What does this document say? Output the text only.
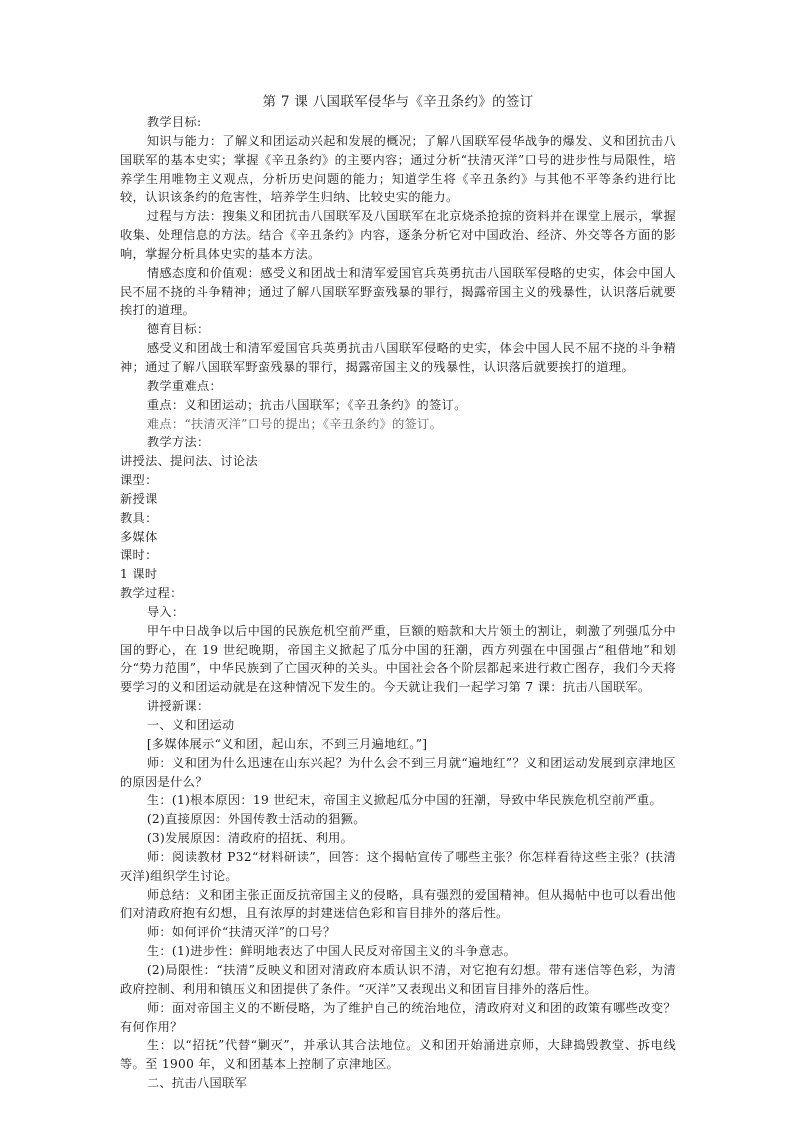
第 7 课 八国联军侵华与《辛丑条约》的签订

教学目标:

知识与能力：了解义和团运动兴起和发展的概况；了解八国联军侵华战争的爆发、义和团抗击八国联军的基本史实；掌握《辛丑条约》的主要内容；通过分析“扶清灭洋”口号的进步性与局限性，培养学生用唯物主义观点，分析历史问题的能力；知道学生将《辛丑条约》与其他不平等条约进行比较，认识该条约的危害性，培养学生归纳、比较史实的能力。

过程与方法：搜集义和团抗击八国联军及八国联军在北京烧杀抢掠的资料并在课堂上展示，掌握收集、处理信息的方法。结合《辛丑条约》内容，逐条分析它对中国政治、经济、外交等各方面的影响，掌握分析具体史实的基本方法。

情感态度和价值观：感受义和团战士和清军爱国官兵英勇抗击八国联军侵略的史实，体会中国人民不屈不挠的斗争精神；通过了解八国联军野蛮残暴的罪行，揭露帝国主义的残暴性，认识落后就要挨打的道理。

德育目标：

感受义和团战士和清军爱国官兵英勇抗击八国联军侵略的史实，体会中国人民不屈不挠的斗争精神；通过了解八国联军野蛮残暴的罪行，揭露帝国主义的残暴性，认识落后就要挨打的道理。

教学重难点：

重点：义和团运动；抗击八国联军；《辛丑条约》的签订。

难点：“扶清灭洋”口号的提出；《辛丑条约》的签订。

教学方法：

讲授法、提问法、讨论法

课型：

新授课

教具：

多媒体

课时：

1 课时

教学过程：

导入：

甲午中日战争以后中国的民族危机空前严重，巨额的赔款和大片领土的割让，刺激了列强瓜分中国的野心，在 19 世纪晚期，帝国主义掀起了瓜分中国的狂潮，西方列强在中国强占“租借地”和划分“势力范围”，中华民族到了亡国灭种的关头。中国社会各个阶层都起来进行救亡图存，我们今天将要学习的义和团运动就是在这种情况下发生的。今天就让我们一起学习第 7 课：抗击八国联军。

讲授新课：

一、义和团运动

[多媒体展示“义和团，起山东，不到三月遍地红。”]

师：义和团为什么迅速在山东兴起？为什么会不到三月就“遍地红”？义和团运动发展到京津地区的原因是什么？

生：(1)根本原因：19 世纪末，帝国主义掀起瓜分中国的狂潮，导致中华民族危机空前严重。

(2)直接原因：外国传教士活动的猖獗。

(3)发展原因：清政府的招抚、利用。

师：阅读教材 P32“材料研读”，回答：这个揭帖宣传了哪些主张？你怎样看待这些主张？(扶清灭洋)组织学生讨论。

师总结：义和团主张正面反抗帝国主义的侵略，具有强烈的爱国精神。但从揭帖中也可以看出他们对清政府抱有幻想，且有浓厚的封建迷信色彩和盲目排外的落后性。

师：如何评价“扶清灭洋”的口号？

生：(1)进步性：鲜明地表达了中国人民反对帝国主义的斗争意志。

(2)局限性：“扶清”反映义和团对清政府本质认识不清，对它抱有幻想。带有迷信等色彩，为清政府控制、利用和镇压义和团提供了条件。“灭洋”又表现出义和团盲目排外的落后性。

师：面对帝国主义的不断侵略，为了维护自己的统治地位，清政府对义和团的政策有哪些改变？有何作用？

生：以“招抚”代替“剿灭”，并承认其合法地位。义和团开始涌进京师，大肆捣毁教堂、拆电线等。至 1900 年，义和团基本上控制了京津地区。

二、抗击八国联军
